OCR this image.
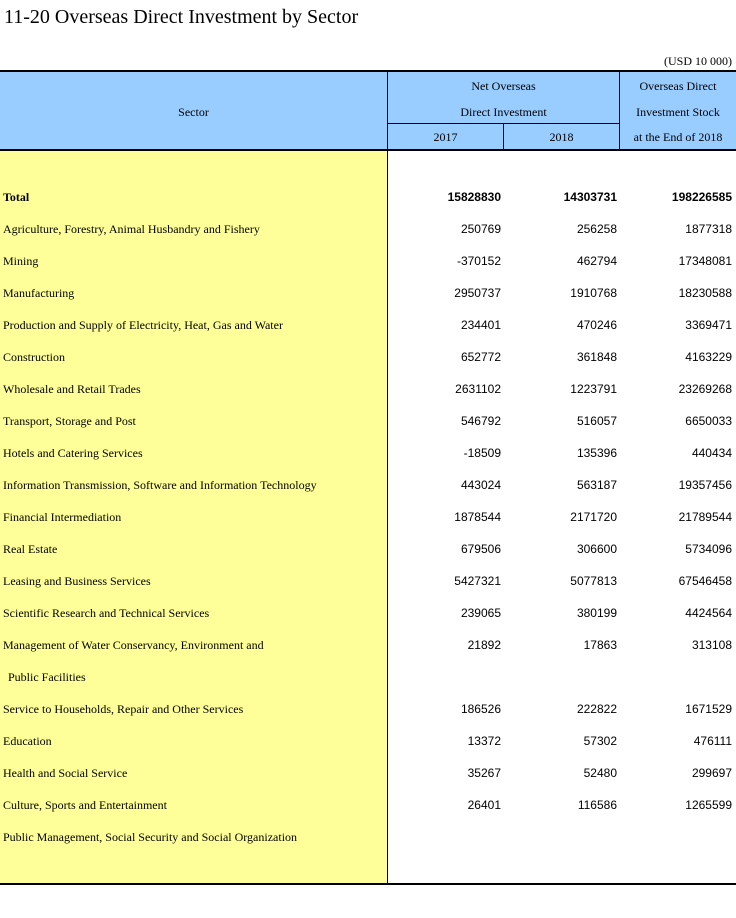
11-20 Overseas Direct Investment by Sector
(USD 10 000)
Sector
Net Overseas
Direct Investment
2017	2018
Overseas Direct
Investment Stock
at the End of 2018
Total	15828830	14303731	198226585
Agriculture, Forestry, Animal Husbandry and Fishery	250769	256258	1877318
Mining	-370152	462794	17348081
Manufacturing	2950737	1910768	18230588
Production and Supply of Electricity, Heat, Gas and Water	234401	470246	3369471
Construction	652772	361848	4163229
Wholesale and Retail Trades	2631102	1223791	23269268
Transport, Storage and Post	546792	516057	6650033
Hotels and Catering Services	-18509	135396	440434
Information Transmission, Software and Information Technology	443024	563187	19357456
Financial Intermediation	1878544	2171720	21789544
Real Estate	679506	306600	5734096
Leasing and Business Services	5427321	5077813	67546458
Scientific Research and Technical Services	239065	380199	4424564
Management of Water Conservancy, Environment and	21892	17863	313108
Public Facilities
Service to Households, Repair and Other Services	186526	222822	1671529
Education	13372	57302	476111
Health and Social Service	35267	52480	299697
Culture, Sports and Entertainment	26401	116586	1265599
Public Management, Social Security and Social Organization
